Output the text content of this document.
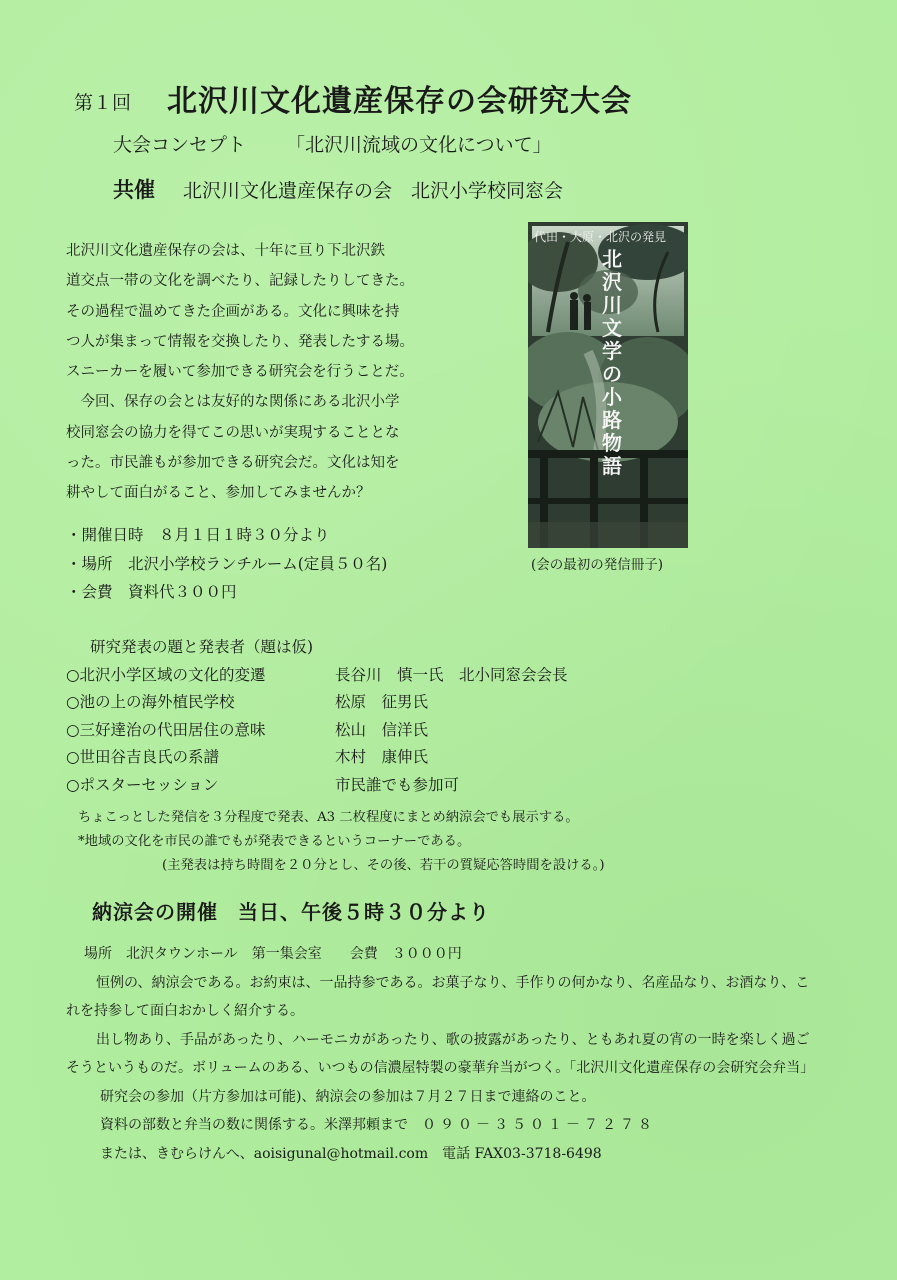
第１回 北沢川文化遺産保存の会研究大会
大会コンセプト 「北沢川流域の文化について」
共催 北沢川文化遺産保存の会　北沢小学校同窓会

北沢川文化遺産保存の会は、十年に亘り下北沢鉄

道交点一帯の文化を調べたり、記録したりしてきた。

その過程で温めてきた企画がある。文化に興味を持

つ人が集まって情報を交換したり、発表したする場。

スニーカーを履いて参加できる研究会を行うことだ。

　今回、保存の会とは友好的な関係にある北沢小学

校同窓会の協力を得てこの思いが実現することとな

った。市民誰もが参加できる研究会だ。文化は知を

耕やして面白がること、参加してみませんか？

代田・大原・北沢の発見
北沢川文学の小路物語
(会の最初の発信冊子)
・開催日時　８月１日１時３０分より
・場所　北沢小学校ランチルーム(定員５０名)
・会費　資料代３００円
研究発表の題と発表者（題は仮)
○北沢小学区域の文化的変遷	長谷川　慎一氏　北小同窓会会長
○池の上の海外植民学校	松原　征男氏
○三好達治の代田居住の意味	松山　信洋氏
○世田谷吉良氏の系譜	木村　康伸氏
○ポスターセッション	市民誰でも参加可
ちょこっとした発信を３分程度で発表、A3 二枚程度にまとめ納涼会でも展示する。
*地域の文化を市民の誰でもが発表できるというコーナーである。
(主発表は持ち時間を２０分とし、その後、若干の質疑応答時間を設ける。)
納涼会の開催 当日、午後５時３０分より

場所　北沢タウンホール　第一集会室　　会費　３０００円

恒例の、納涼会である。お約束は、一品持参である。お菓子なり、手作りの何かなり、名産品なり、お酒なり、これを持参して面白おかしく紹介する。

出し物あり、手品があったり、ハーモニカがあったり、歌の披露があったり、ともあれ夏の宵の一時を楽しく過ごそうというものだ。ボリュームのある、いつもの信濃屋特製の豪華弁当がつく。「北沢川文化遺産保存の会研究会弁当」

研究会の参加（片方参加は可能)、納涼会の参加は７月２７日まで連絡のこと。

資料の部数と弁当の数に関係する。米澤邦頼まで　 ０９０－３５０１－７２７８

または、きむらけんへ、aoisigunal@hotmail.com　 電話 FAX03-3718-6498
